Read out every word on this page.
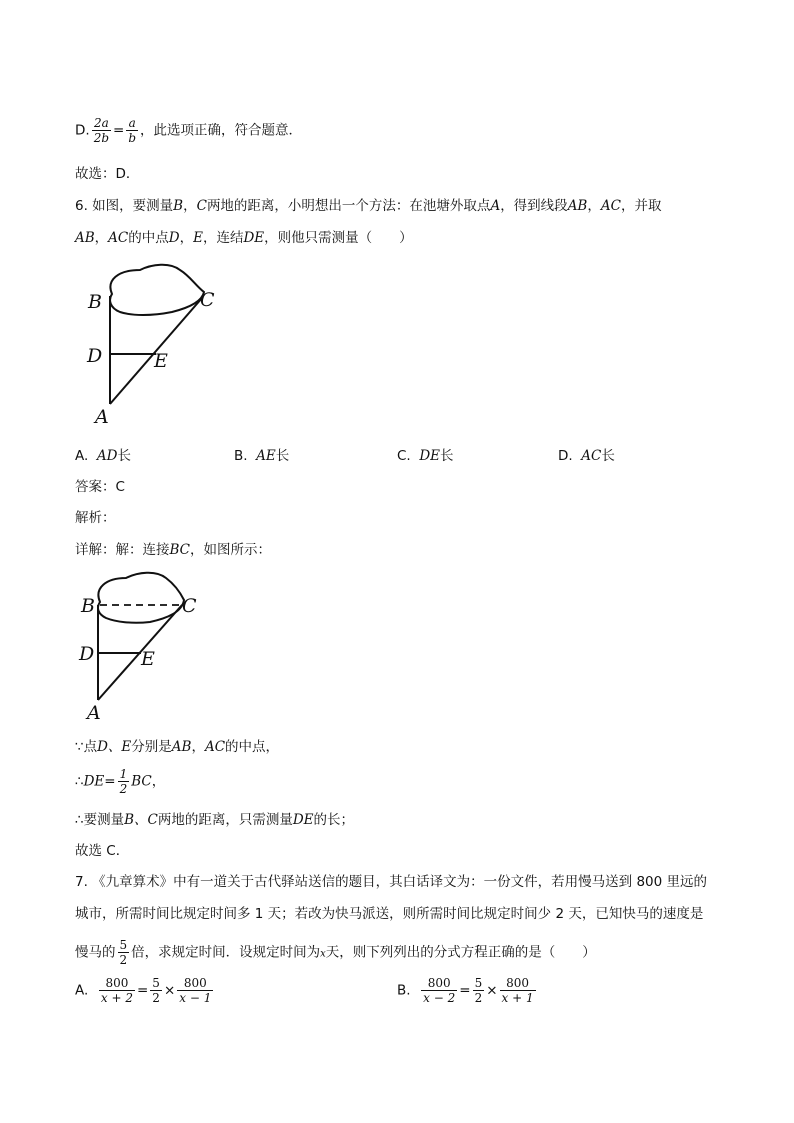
D. $\frac{2a}{2b} = \frac{a}{b}$ ，此选项正确，符合题意．
故选：D．
6. 如图，要测量B，C两地的距离，小明想出一个方法：在池塘外取点A，得到线段AB，AC，并取
AB，AC的中点D，E，连结DE，则他只需测量（　　）
B	C
D	E
A
A. AD长	B. AE长	C. DE长	D. AC长
答案：C
解析：
详解：解：连接BC，如图所示：
B	C
D E
A
∵点D、E分别是AB，AC的中点，
∴DE= $\frac{1}{2}$ BC，
∴要测量B、C两地的距离，只需测量DE的长；
故选 C．
7. 《九章算术》中有一道关于古代驿站送信的题目，其白话译文为：一份文件，若用慢马送到 800 里远的
城市，所需时间比规定时间多 1 天；若改为快马派送，则所需时间比规定时间少 2 天，已知快马的速度是
慢马的 $\frac{5}{2}$ 倍，求规定时间．设规定时间为x天，则下列列出的分式方程正确的是（　　）
A. $\frac{800}{x + 2} = \frac{5}{2} \times \frac{800}{x - 1}$	B. $\frac{800}{x - 2} = \frac{5}{2} \times \frac{800}{x + 1}$
